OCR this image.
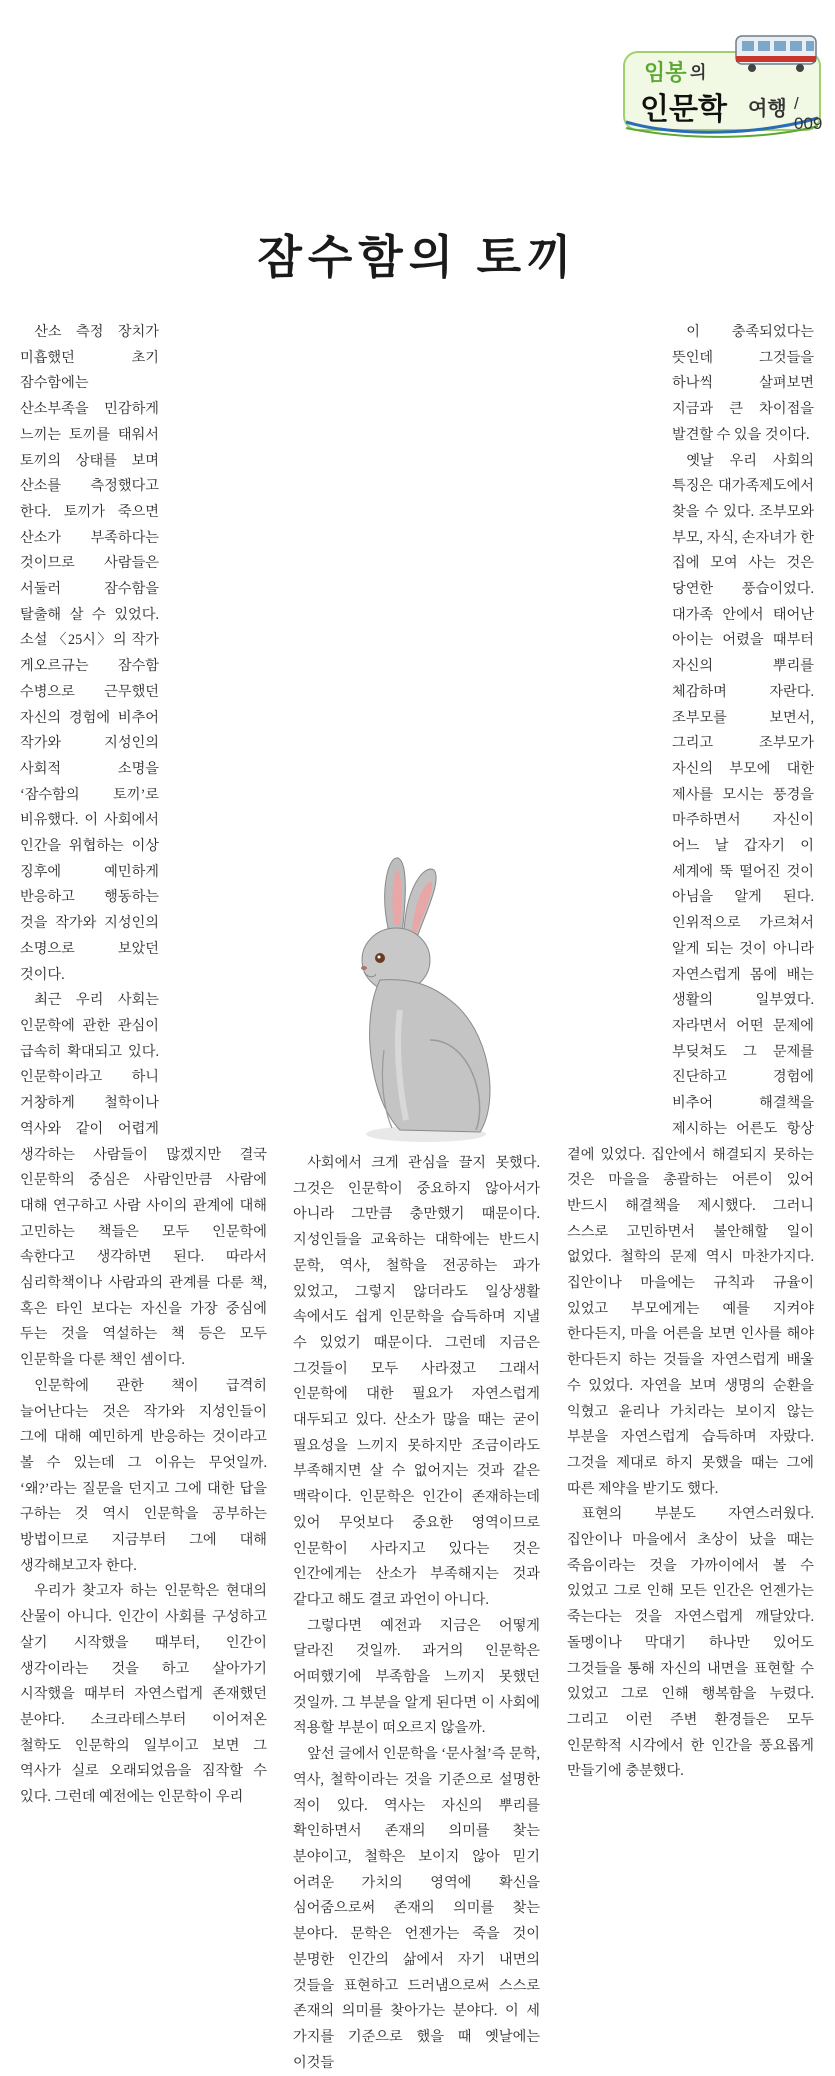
임봉 의
인문학 여행 / 009
잠수함의 토끼

산소 측정 장치가 미흡했던 초기 잠수함에는 산소부족을 민감하게 느끼는 토끼를 태워서 토끼의 상태를 보며 산소를 측정했다고 한다. 토끼가 죽으면 산소가 부족하다는 것이므로 사람들은 서둘러 잠수함을 탈출해 살 수 있었다. 소설 〈25시〉의 작가 게오르규는 잠수함 수병으로 근무했던 자신의 경험에 비추어 작가와 지성인의 사회적 소명을 ‘잠수함의 토끼’로 비유했다. 이 사회에서 인간을 위협하는 이상 징후에 예민하게 반응하고 행동하는 것을 작가와 지성인의 소명으로 보았던 것이다.

최근 우리 사회는 인문학에 관한 관심이 급속히 확대되고 있다. 인문학이라고 하니 거창하게 철학이나 역사와 같이 어렵게 생각하는 사람들이 많겠지만 결국 인문학의 중심은 사람인만큼 사람에 대해 연구하고 사람 사이의 관계에 대해 고민하는 책들은 모두 인문학에 속한다고 생각하면 된다. 따라서 심리학책이나 사람과의 관계를 다룬 책, 혹은 타인 보다는 자신을 가장 중심에 두는 것을 역설하는 책 등은 모두 인문학을 다룬 책인 셈이다.

인문학에 관한 책이 급격히 늘어난다는 것은 작가와 지성인들이 그에 대해 예민하게 반응하는 것이라고 볼 수 있는데 그 이유는 무엇일까. ‘왜?’라는 질문을 던지고 그에 대한 답을 구하는 것 역시 인문학을 공부하는 방법이므로 지금부터 그에 대해 생각해보고자 한다.

우리가 찾고자 하는 인문학은 현대의 산물이 아니다. 인간이 사회를 구성하고 살기 시작했을 때부터, 인간이 생각이라는 것을 하고 살아가기 시작했을 때부터 자연스럽게 존재했던 분야다. 소크라테스부터 이어져온 철학도 인문학의 일부이고 보면 그 역사가 실로 오래되었음을 짐작할 수 있다. 그런데 예전에는 인문학이 우리

사회에서 크게 관심을 끌지 못했다. 그것은 인문학이 중요하지 않아서가 아니라 그만큼 충만했기 때문이다. 지성인들을 교육하는 대학에는 반드시 문학, 역사, 철학을 전공하는 과가 있었고, 그렇지 않더라도 일상생활 속에서도 쉽게 인문학을 습득하며 지낼 수 있었기 때문이다. 그런데 지금은 그것들이 모두 사라졌고 그래서 인문학에 대한 필요가 자연스럽게 대두되고 있다. 산소가 많을 때는 굳이 필요성을 느끼지 못하지만 조금이라도 부족해지면 살 수 없어지는 것과 같은 맥락이다. 인문학은 인간이 존재하는데 있어 무엇보다 중요한 영역이므로 인문학이 사라지고 있다는 것은 인간에게는 산소가 부족해지는 것과 같다고 해도 결코 과언이 아니다.

그렇다면 예전과 지금은 어떻게 달라진 것일까. 과거의 인문학은 어떠했기에 부족함을 느끼지 못했던 것일까. 그 부분을 알게 된다면 이 사회에 적용할 부분이 떠오르지 않을까.

앞선 글에서 인문학을 ‘문사철’즉 문학, 역사, 철학이라는 것을 기준으로 설명한 적이 있다. 역사는 자신의 뿌리를 확인하면서 존재의 의미를 찾는 분야이고, 철학은 보이지 않아 믿기 어려운 가치의 영역에 확신을 심어줌으로써 존재의 의미를 찾는 분야다. 문학은 언젠가는 죽을 것이 분명한 인간의 삶에서 자기 내면의 것들을 표현하고 드러냄으로써 스스로 존재의 의미를 찾아가는 분야다. 이 세 가지를 기준으로 했을 때 옛날에는 이것들

이 충족되었다는 뜻인데 그것들을 하나씩 살펴보면 지금과 큰 차이점을 발견할 수 있을 것이다.

옛날 우리 사회의 특징은 대가족제도에서 찾을 수 있다. 조부모와 부모, 자식, 손자녀가 한 집에 모여 사는 것은 당연한 풍습이었다. 대가족 안에서 태어난 아이는 어렸을 때부터 자신의 뿌리를 체감하며 자란다. 조부모를 보면서, 그리고 조부모가 자신의 부모에 대한 제사를 모시는 풍경을 마주하면서 자신이 어느 날 갑자기 이 세계에 뚝 떨어진 것이 아님을 알게 된다. 인위적으로 가르쳐서 알게 되는 것이 아니라 자연스럽게 몸에 배는 생활의 일부였다. 자라면서 어떤 문제에 부딪쳐도 그 문제를 진단하고 경험에 비추어 해결책을 제시하는 어른도 항상 곁에 있었다. 집안에서 해결되지 못하는 것은 마을을 총괄하는 어른이 있어 반드시 해결책을 제시했다. 그러니 스스로 고민하면서 불안해할 일이 없었다. 철학의 문제 역시 마찬가지다. 집안이나 마을에는 규칙과 규율이 있었고 부모에게는 예를 지켜야 한다든지, 마을 어른을 보면 인사를 해야 한다든지 하는 것들을 자연스럽게 배울 수 있었다. 자연을 보며 생명의 순환을 익혔고 윤리나 가치라는 보이지 않는 부분을 자연스럽게 습득하며 자랐다. 그것을 제대로 하지 못했을 때는 그에 따른 제약을 받기도 했다.

표현의 부분도 자연스러웠다. 집안이나 마을에서 초상이 났을 때는 죽음이라는 것을 가까이에서 볼 수 있었고 그로 인해 모든 인간은 언젠가는 죽는다는 것을 자연스럽게 깨달았다. 돌멩이나 막대기 하나만 있어도 그것들을 통해 자신의 내면을 표현할 수 있었고 그로 인해 행복함을 누렸다. 그리고 이런 주변 환경들은 모두 인문학적 시각에서 한 인간을 풍요롭게 만들기에 충분했다.
